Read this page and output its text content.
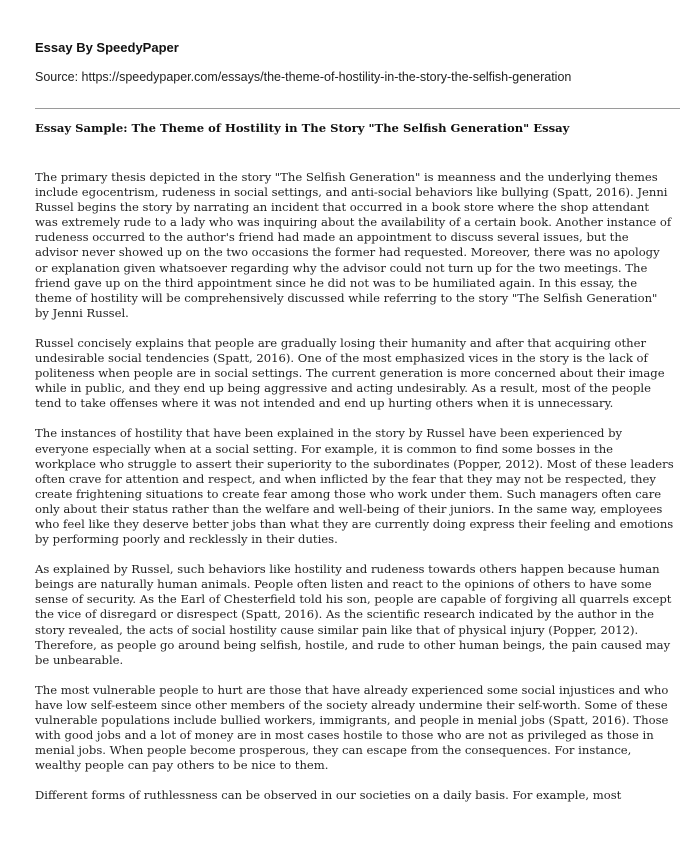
Essay By SpeedyPaper
Source: https://speedypaper.com/essays/the-theme-of-hostility-in-the-story-the-selfish-generation
Essay Sample: The Theme of Hostility in The Story "The Selfish Generation" Essay

The primary thesis depicted in the story "The Selfish Generation" is meanness and the underlying themes include egocentrism, rudeness in social settings, and anti-social behaviors like bullying (Spatt, 2016). Jenni Russel begins the story by narrating an incident that occurred in a book store where the shop attendant was extremely rude to a lady who was inquiring about the availability of a certain book. Another instance of rudeness occurred to the author's friend had made an appointment to discuss several issues, but the advisor never showed up on the two occasions the former had requested. Moreover, there was no apology or explanation given whatsoever regarding why the advisor could not turn up for the two meetings. The friend gave up on the third appointment since he did not was to be humiliated again. In this essay, the theme of hostility will be comprehensively discussed while referring to the story "The Selfish Generation" by Jenni Russel.

Russel concisely explains that people are gradually losing their humanity and after that acquiring other undesirable social tendencies (Spatt, 2016). One of the most emphasized vices in the story is the lack of politeness when people are in social settings. The current generation is more concerned about their image while in public, and they end up being aggressive and acting undesirably. As a result, most of the people tend to take offenses where it was not intended and end up hurting others when it is unnecessary.

The instances of hostility that have been explained in the story by Russel have been experienced by everyone especially when at a social setting. For example, it is common to find some bosses in the workplace who struggle to assert their superiority to the subordinates (Popper, 2012). Most of these leaders often crave for attention and respect, and when inflicted by the fear that they may not be respected, they create frightening situations to create fear among those who work under them. Such managers often care only about their status rather than the welfare and well-being of their juniors. In the same way, employees who feel like they deserve better jobs than what they are currently doing express their feeling and emotions by performing poorly and recklessly in their duties.

As explained by Russel, such behaviors like hostility and rudeness towards others happen because human beings are naturally human animals. People often listen and react to the opinions of others to have some sense of security. As the Earl of Chesterfield told his son, people are capable of forgiving all quarrels except the vice of disregard or disrespect (Spatt, 2016). As the scientific research indicated by the author in the story revealed, the acts of social hostility cause similar pain like that of physical injury (Popper, 2012). Therefore, as people go around being selfish, hostile, and rude to other human beings, the pain caused may be unbearable.

The most vulnerable people to hurt are those that have already experienced some social injustices and who have low self-esteem since other members of the society already undermine their self-worth. Some of these vulnerable populations include bullied workers, immigrants, and people in menial jobs (Spatt, 2016). Those with good jobs and a lot of money are in most cases hostile to those who are not as privileged as those in menial jobs. When people become prosperous, they can escape from the consequences. For instance, wealthy people can pay others to be nice to them.

Different forms of ruthlessness can be observed in our societies on a daily basis. For example, most
